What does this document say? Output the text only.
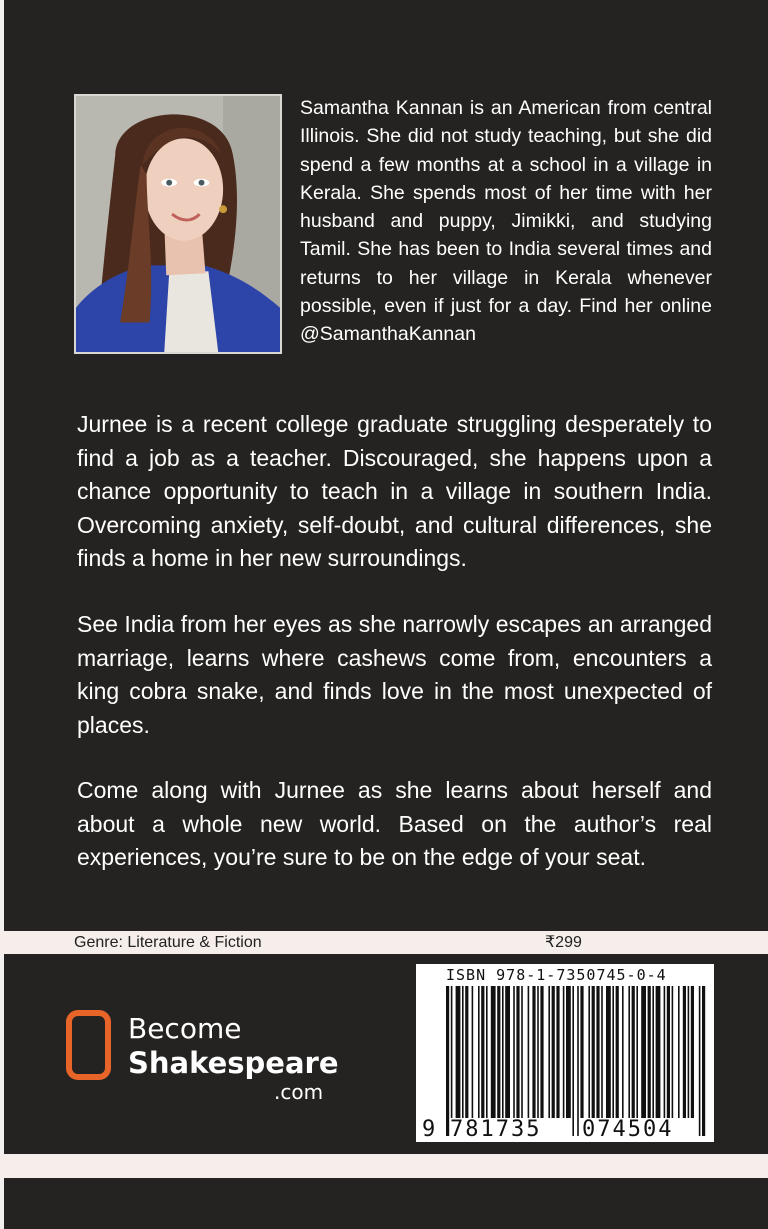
Samantha Kannan is an American from central Illinois. She did not study teaching, but she did spend a few months at a school in a village in Kerala. She spends most of her time with her husband and puppy, Jimikki, and studying Tamil. She has been to India several times and returns to her village in Kerala whenever possible, even if just for a day. Find her online @SamanthaKannan

Jurnee is a recent college graduate struggling desperately to find a job as a teacher. Discouraged, she happens upon a chance opportunity to teach in a village in southern India. Overcoming anxiety, self-doubt, and cultural differences, she finds a home in her new surroundings.

See India from her eyes as she narrowly escapes an arranged marriage, learns where cashews come from, encounters a king cobra snake, and finds love in the most unexpected of places.

Come along with Jurnee as she learns about herself and about a whole new world. Based on the author’s real experiences, you’re sure to be on the edge of your seat.

Genre: Literature & Fiction	₹299

Become

Shakespeare

.com

ISBN 978-1-7350745-0-4
9 781735 074504
